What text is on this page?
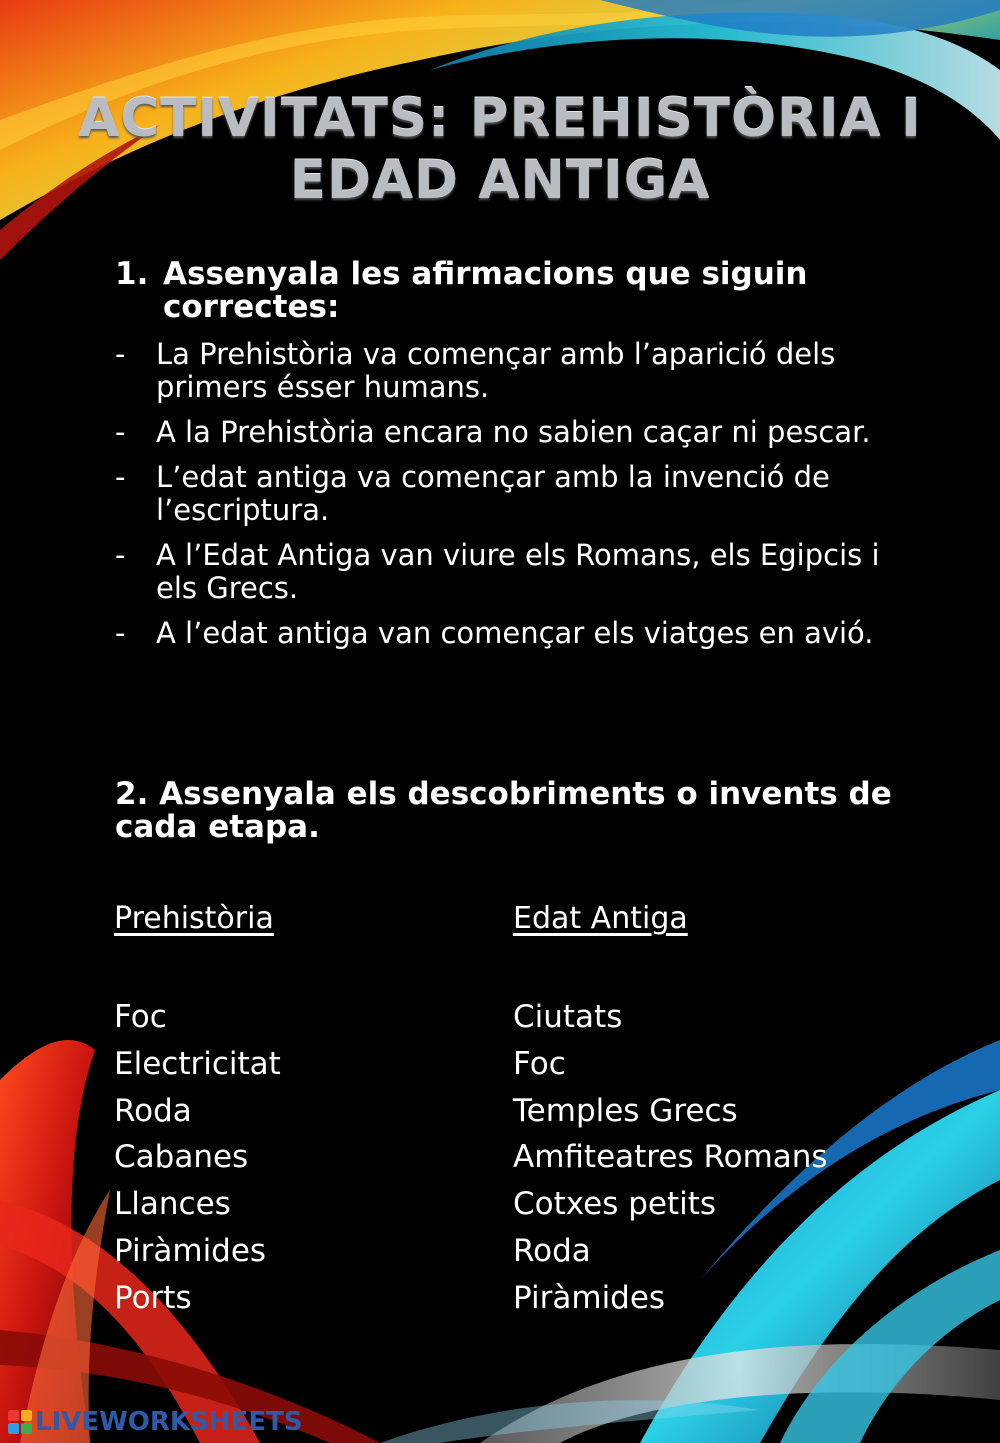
ACTIVITATS: PREHISTÒRIA I
EDAD ANTIGA
1. Assenyala les afirmacions que siguin correctes:
- La Prehistòria va començar amb l’aparició dels primers ésser humans.
- A la Prehistòria encara no sabien caçar ni pescar.
- L’edat antiga va començar amb la invenció de l’escriptura.
- A l’Edat Antiga van viure els Romans, els Egipcis i els Grecs.
- A l’edat antiga van començar els viatges en avió.
2. Assenyala els descobriments o invents de cada etapa.
Prehistòria
Foc
Electricitat
Roda
Cabanes
Llances
Piràmides
Ports
Edat Antiga
Ciutats
Foc
Temples Grecs
Amfiteatres Romans
Cotxes petits
Roda
Piràmides
LIVEWORKSHEETS
